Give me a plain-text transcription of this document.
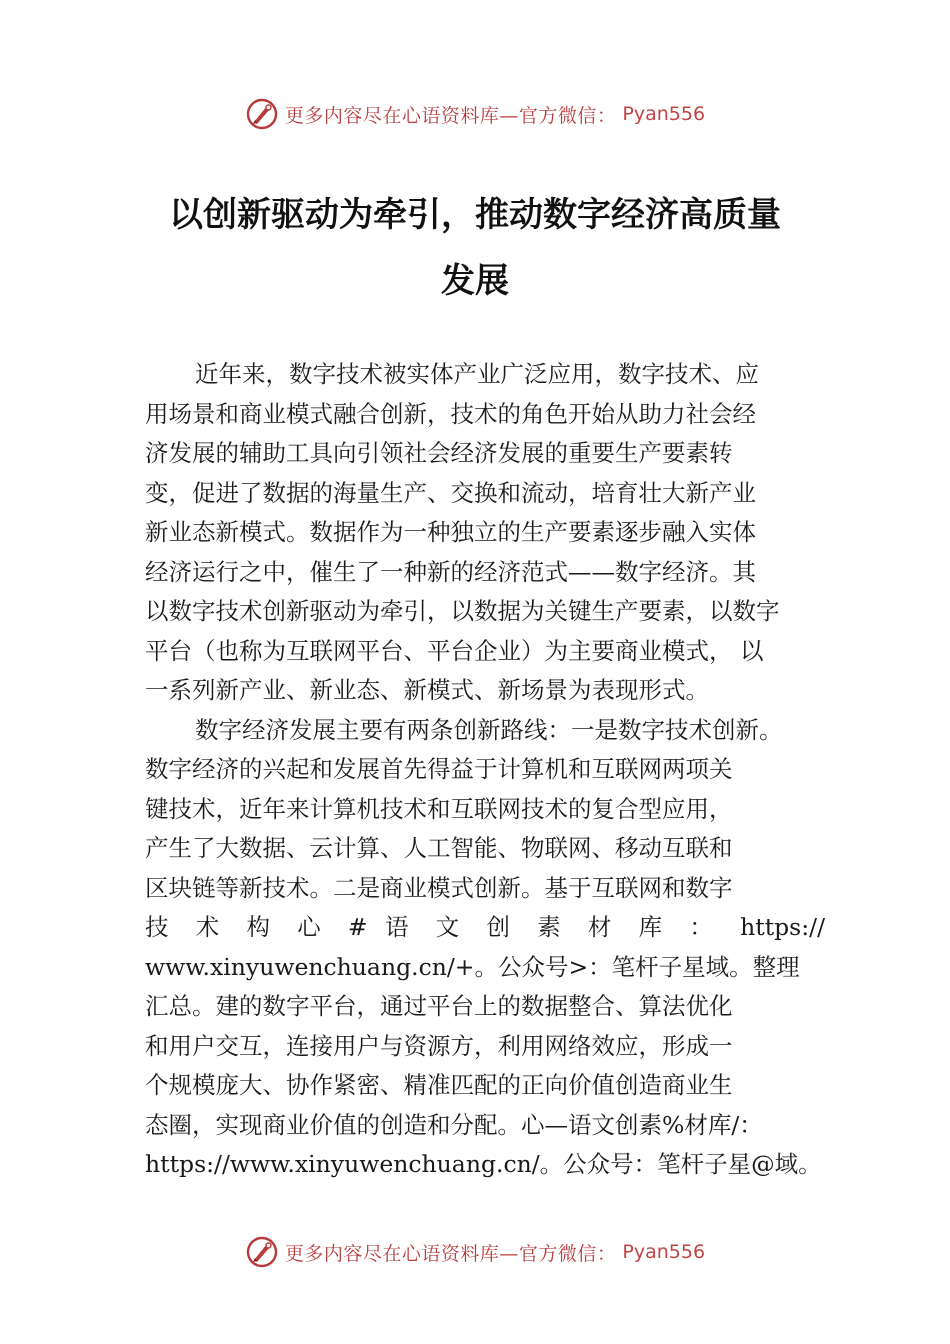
更多内容尽在心语资料库—官方微信： Pyan556
以创新驱动为牵引，推动数字经济高质量
发展
近年来，数字技术被实体产业广泛应用，数字技术、应
用场景和商业模式融合创新，技术的角色开始从助力社会经
济发展的辅助工具向引领社会经济发展的重要生产要素转
变，促进了数据的海量生产、交换和流动，培育壮大新产业
新业态新模式。数据作为一种独立的生产要素逐步融入实体
经济运行之中，催生了一种新的经济范式——数字经济。其
以数字技术创新驱动为牵引，以数据为关键生产要素，以数字
平台（也称为互联网平台、平台企业）为主要商业模式， 以
一系列新产业、新业态、新模式、新场景为表现形式。
数字经济发展主要有两条创新路线：一是数字技术创新。
数字经济的兴起和发展首先得益于计算机和互联网两项关
键技术，近年来计算机技术和互联网技术的复合型应用，
产生了大数据、云计算、人工智能、物联网、移动互联和
区块链等新技术。二是商业模式创新。基于互联网和数字
技 术 构 心 # 语 文 创 素 材 库 ： https://
www.xinyuwenchuang.cn/+。公众号>：笔杆子星域。整理
汇总。建的数字平台，通过平台上的数据整合、算法优化
和用户交互，连接用户与资源方，利用网络效应，形成一
个规模庞大、协作紧密、精准匹配的正向价值创造商业生
态圈，实现商业价值的创造和分配。心—语文创素%材库/：
https://www.xinyuwenchuang.cn/。公众号：笔杆子星@域。
更多内容尽在心语资料库—官方微信： Pyan556
